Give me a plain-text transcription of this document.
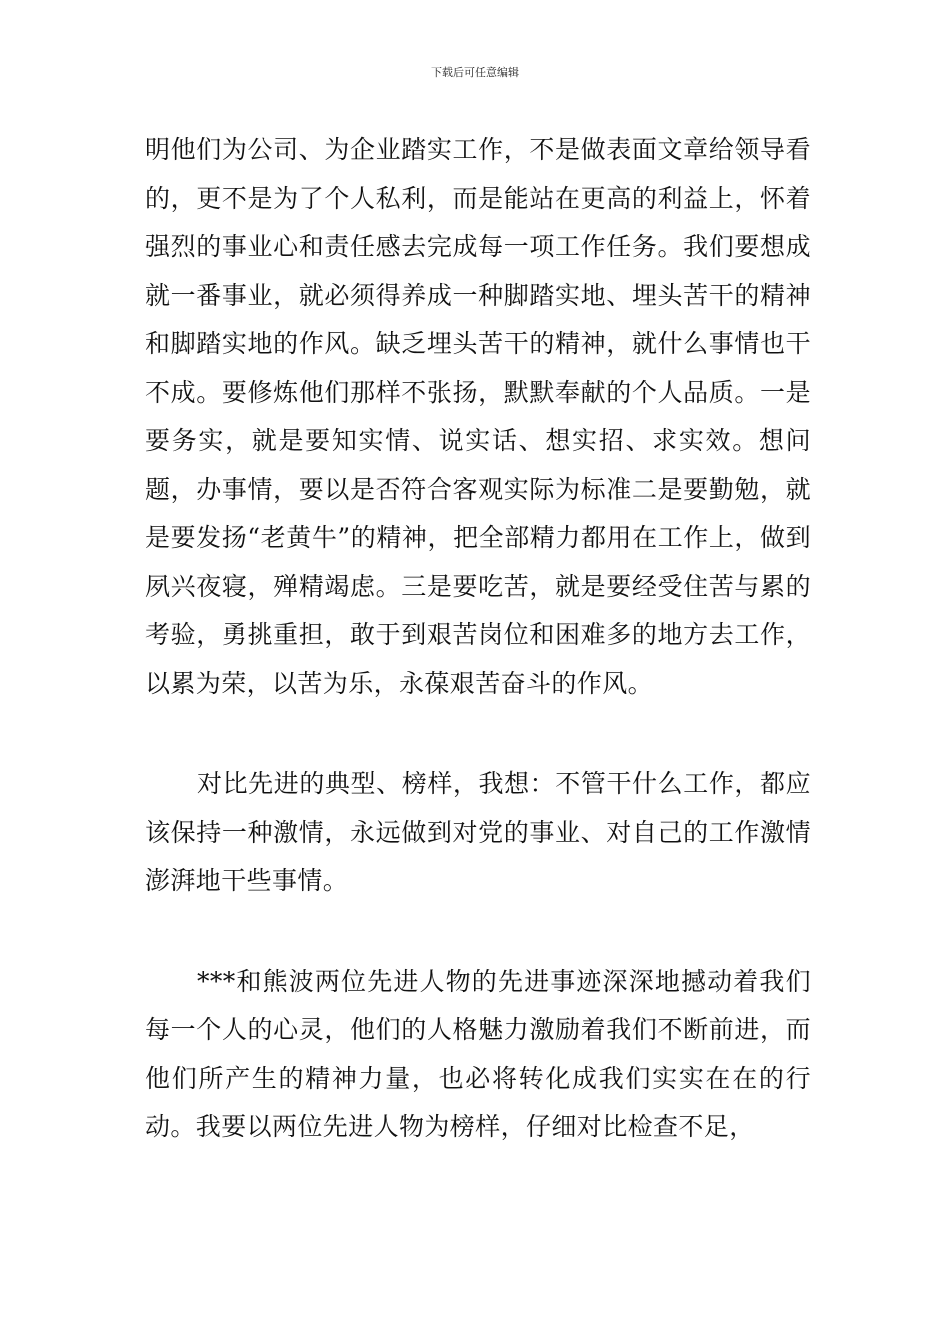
下载后可任意编辑

明他们为公司、为企业踏实工作，不是做表面文章给领导看的，更不是为了个人私利，而是能站在更高的利益上，怀着强烈的事业心和责任感去完成每一项工作任务。我们要想成就一番事业，就必须得养成一种脚踏实地、埋头苦干的精神和脚踏实地的作风。缺乏埋头苦干的精神，就什么事情也干不成。要修炼他们那样不张扬，默默奉献的个人品质。一是要务实，就是要知实情、说实话、想实招、求实效。想问题，办事情，要以是否符合客观实际为标准二是要勤勉，就是要发扬“老黄牛”的精神，把全部精力都用在工作上，做到夙兴夜寝，殚精竭虑。三是要吃苦，就是要经受住苦与累的考验，勇挑重担，敢于到艰苦岗位和困难多的地方去工作，以累为荣，以苦为乐，永葆艰苦奋斗的作风。

对比先进的典型、榜样，我想：不管干什么工作，都应该保持一种激情，永远做到对党的事业、对自己的工作激情澎湃地干些事情。

***和熊波两位先进人物的先进事迹深深地撼动着我们每一个人的心灵，他们的人格魅力激励着我们不断前进，而他们所产生的精神力量，也必将转化成我们实实在在的行动。我要以两位先进人物为榜样，仔细对比检查不足，
